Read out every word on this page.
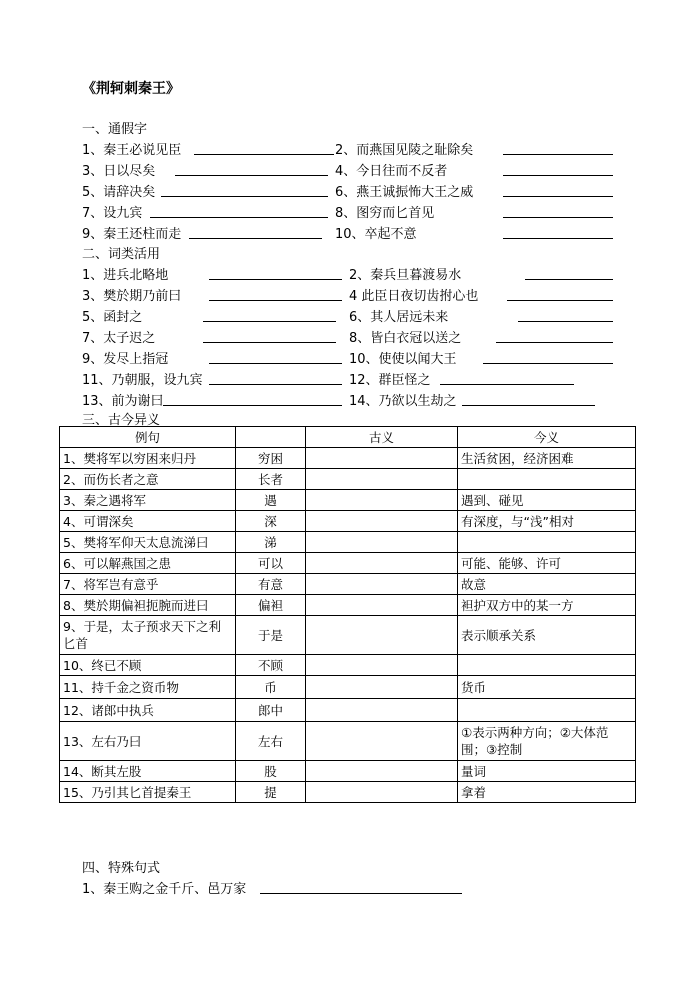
《荆轲刺秦王》
一、通假字
1、秦王必说见臣	2、而燕国见陵之耻除矣
3、日以尽矣	4、今日往而不反者
5、请辞决矣	6、燕王诚振怖大王之威
7、设九宾	8、图穷而匕首见
9、秦王还柱而走	10、卒起不意
二、词类活用
1、进兵北略地	2、秦兵旦暮渡易水
3、樊於期乃前曰	4 此臣日夜切齿拊心也
5、函封之	6、其人居远未来
7、太子迟之	8、皆白衣冠以送之
9、发尽上指冠	10、使使以闻大王
11、乃朝服，设九宾	12、群臣怪之
13、前为谢曰	14、乃欲以生劫之
三、古今异义
例句		古义	今义
1、樊将军以穷困来归丹	穷困		生活贫困，经济困难
2、而伤长者之意	长者		
3、秦之遇将军	遇		遇到、碰见
4、可谓深矣	深		有深度，与“浅”相对
5、樊将军仰天太息流涕曰	涕		
6、可以解燕国之患	可以		可能、能够、许可
7、将军岂有意乎	有意		故意
8、樊於期偏袒扼腕而进曰	偏袒		袒护双方中的某一方
9、于是，太子预求天下之利匕首	于是		表示顺承关系
10、终已不顾	不顾		
11、持千金之资币物	币		货币
12、诸郎中执兵	郎中		
13、左右乃曰	左右		①表示两种方向；②大体范围；③控制
14、断其左股	股		量词
15、乃引其匕首提秦王	提		拿着
四、特殊句式
1、秦王购之金千斤、邑万家
